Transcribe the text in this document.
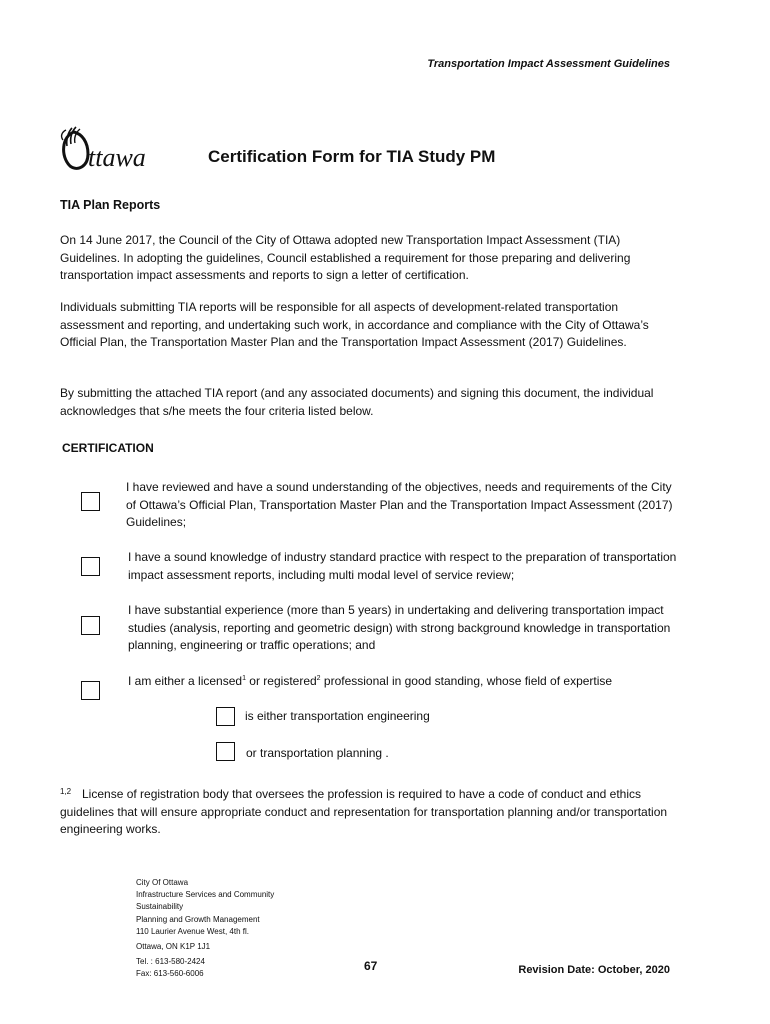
Transportation Impact Assessment Guidelines
ttawa	Certification Form for TIA Study PM
TIA Plan Reports
On 14 June 2017, the Council of the City of Ottawa adopted new Transportation Impact Assessment (TIA) Guidelines. In adopting the guidelines, Council established a requirement for those preparing and delivering transportation impact assessments and reports to sign a letter of certification.
Individuals submitting TIA reports will be responsible for all aspects of development-related transportation assessment and reporting, and undertaking such work, in accordance and compliance with the City of Ottawa’s Official Plan, the Transportation Master Plan and the Transportation Impact Assessment (2017) Guidelines.
By submitting the attached TIA report (and any associated documents) and signing this document, the individual acknowledges that s/he meets the four criteria listed below.
CERTIFICATION
I have reviewed and have a sound understanding of the objectives, needs and requirements of the City of Ottawa’s Official Plan, Transportation Master Plan and the Transportation Impact Assessment (2017) Guidelines;
I have a sound knowledge of industry standard practice with respect to the preparation of transportation impact assessment reports, including multi modal level of service review;
I have substantial experience (more than 5 years) in undertaking and delivering transportation impact studies (analysis, reporting and geometric design) with strong background knowledge in transportation planning, engineering or traffic operations; and
I am either a licensed$^1$ or registered$^2$ professional in good standing, whose field of expertise
is either transportation engineering
or transportation planning .
1,2 License of registration body that oversees the profession is required to have a code of conduct and ethics guidelines that will ensure appropriate conduct and representation for transportation planning and/or transportation engineering works.
City Of Ottawa
Infrastructure Services and Community
Sustainability
Planning and Growth Management
110 Laurier Avenue West, 4th fl.
Ottawa, ON K1P 1J1
Tel. : 613-580-2424
Fax: 613-560-6006
67	Revision Date: October, 2020
